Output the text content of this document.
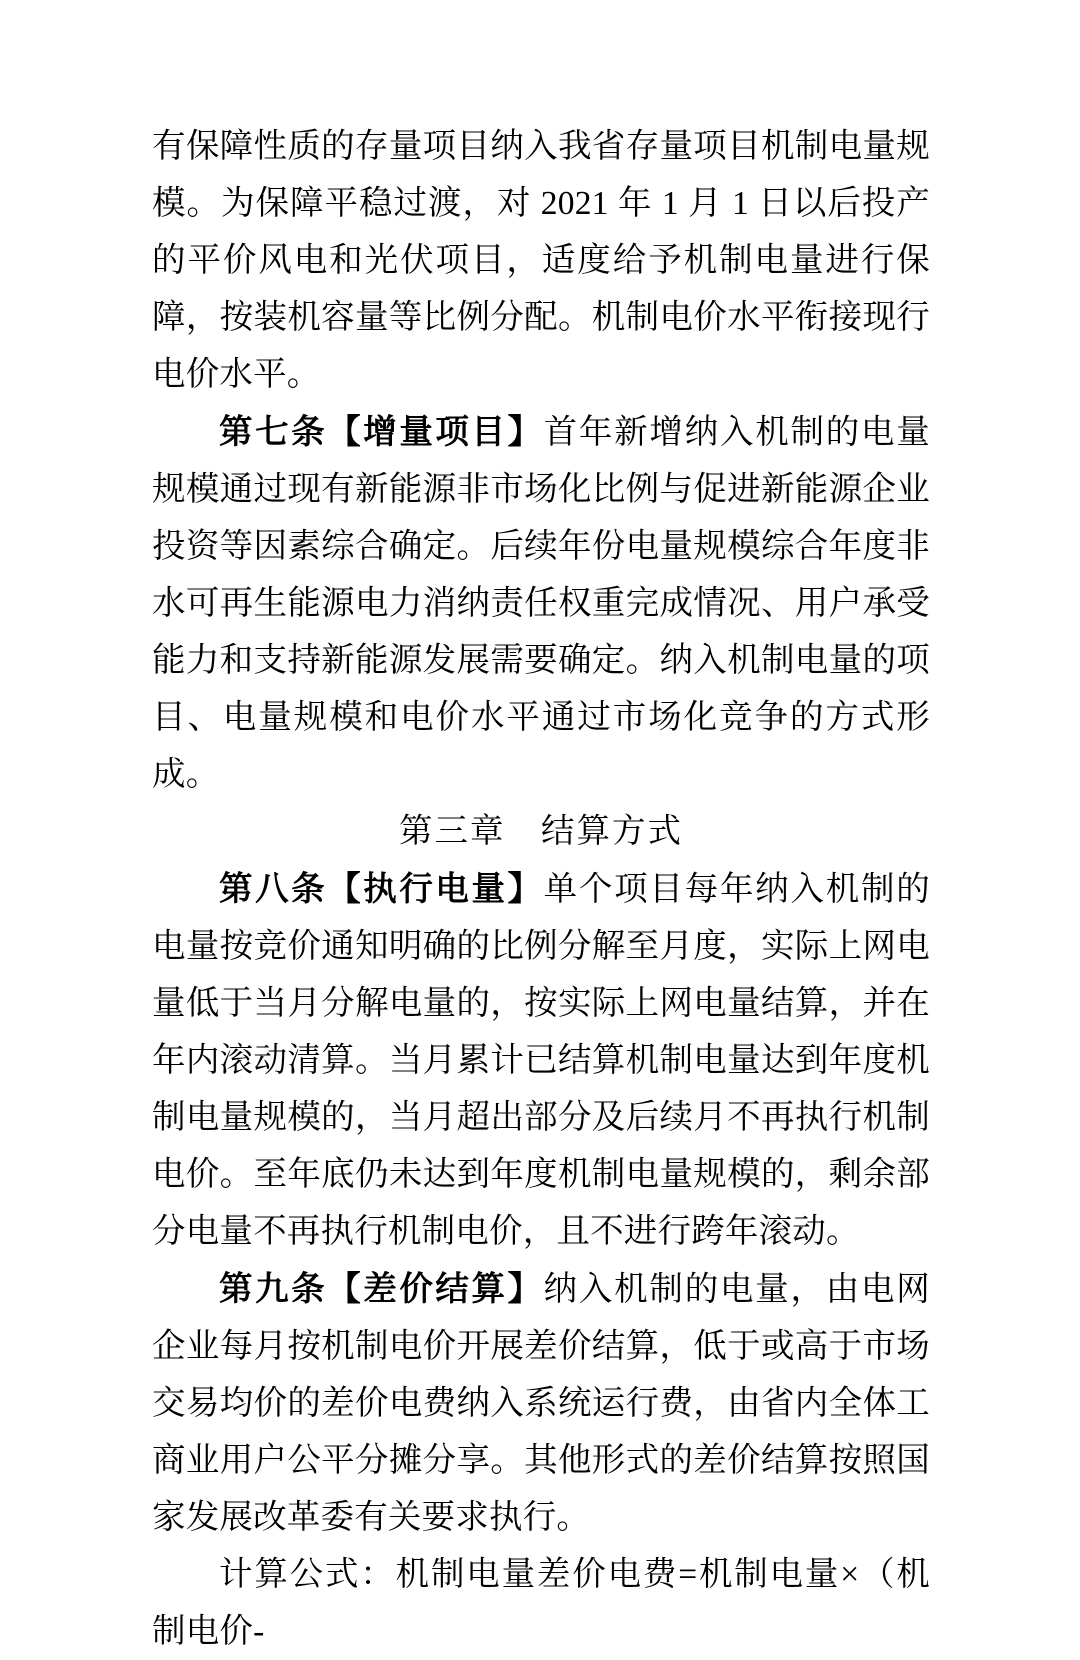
有保障性质的存量项目纳入我省存量项目机制电量规模。为保障平稳过渡，对 2021 年 1 月 1 日以后投产的平价风电和光伏项目，适度给予机制电量进行保障，按装机容量等比例分配。机制电价水平衔接现行电价水平。

第七条【增量项目】首年新增纳入机制的电量规模通过现有新能源非市场化比例与促进新能源企业投资等因素综合确定。后续年份电量规模综合年度非水可再生能源电力消纳责任权重完成情况、用户承受能力和支持新能源发展需要确定。纳入机制电量的项目、电量规模和电价水平通过市场化竞争的方式形成。

第三章　结算方式

第八条【执行电量】单个项目每年纳入机制的电量按竞价通知明确的比例分解至月度，实际上网电量低于当月分解电量的，按实际上网电量结算，并在年内滚动清算。当月累计已结算机制电量达到年度机制电量规模的，当月超出部分及后续月不再执行机制电价。至年底仍未达到年度机制电量规模的，剩余部分电量不再执行机制电价，且不进行跨年滚动。

第九条【差价结算】纳入机制的电量，由电网企业每月按机制电价开展差价结算，低于或高于市场交易均价的差价电费纳入系统运行费，由省内全体工商业用户公平分摊分享。其他形式的差价结算按照国家发展改革委有关要求执行。

计算公式：机制电量差价电费=机制电量×（机制电价-
